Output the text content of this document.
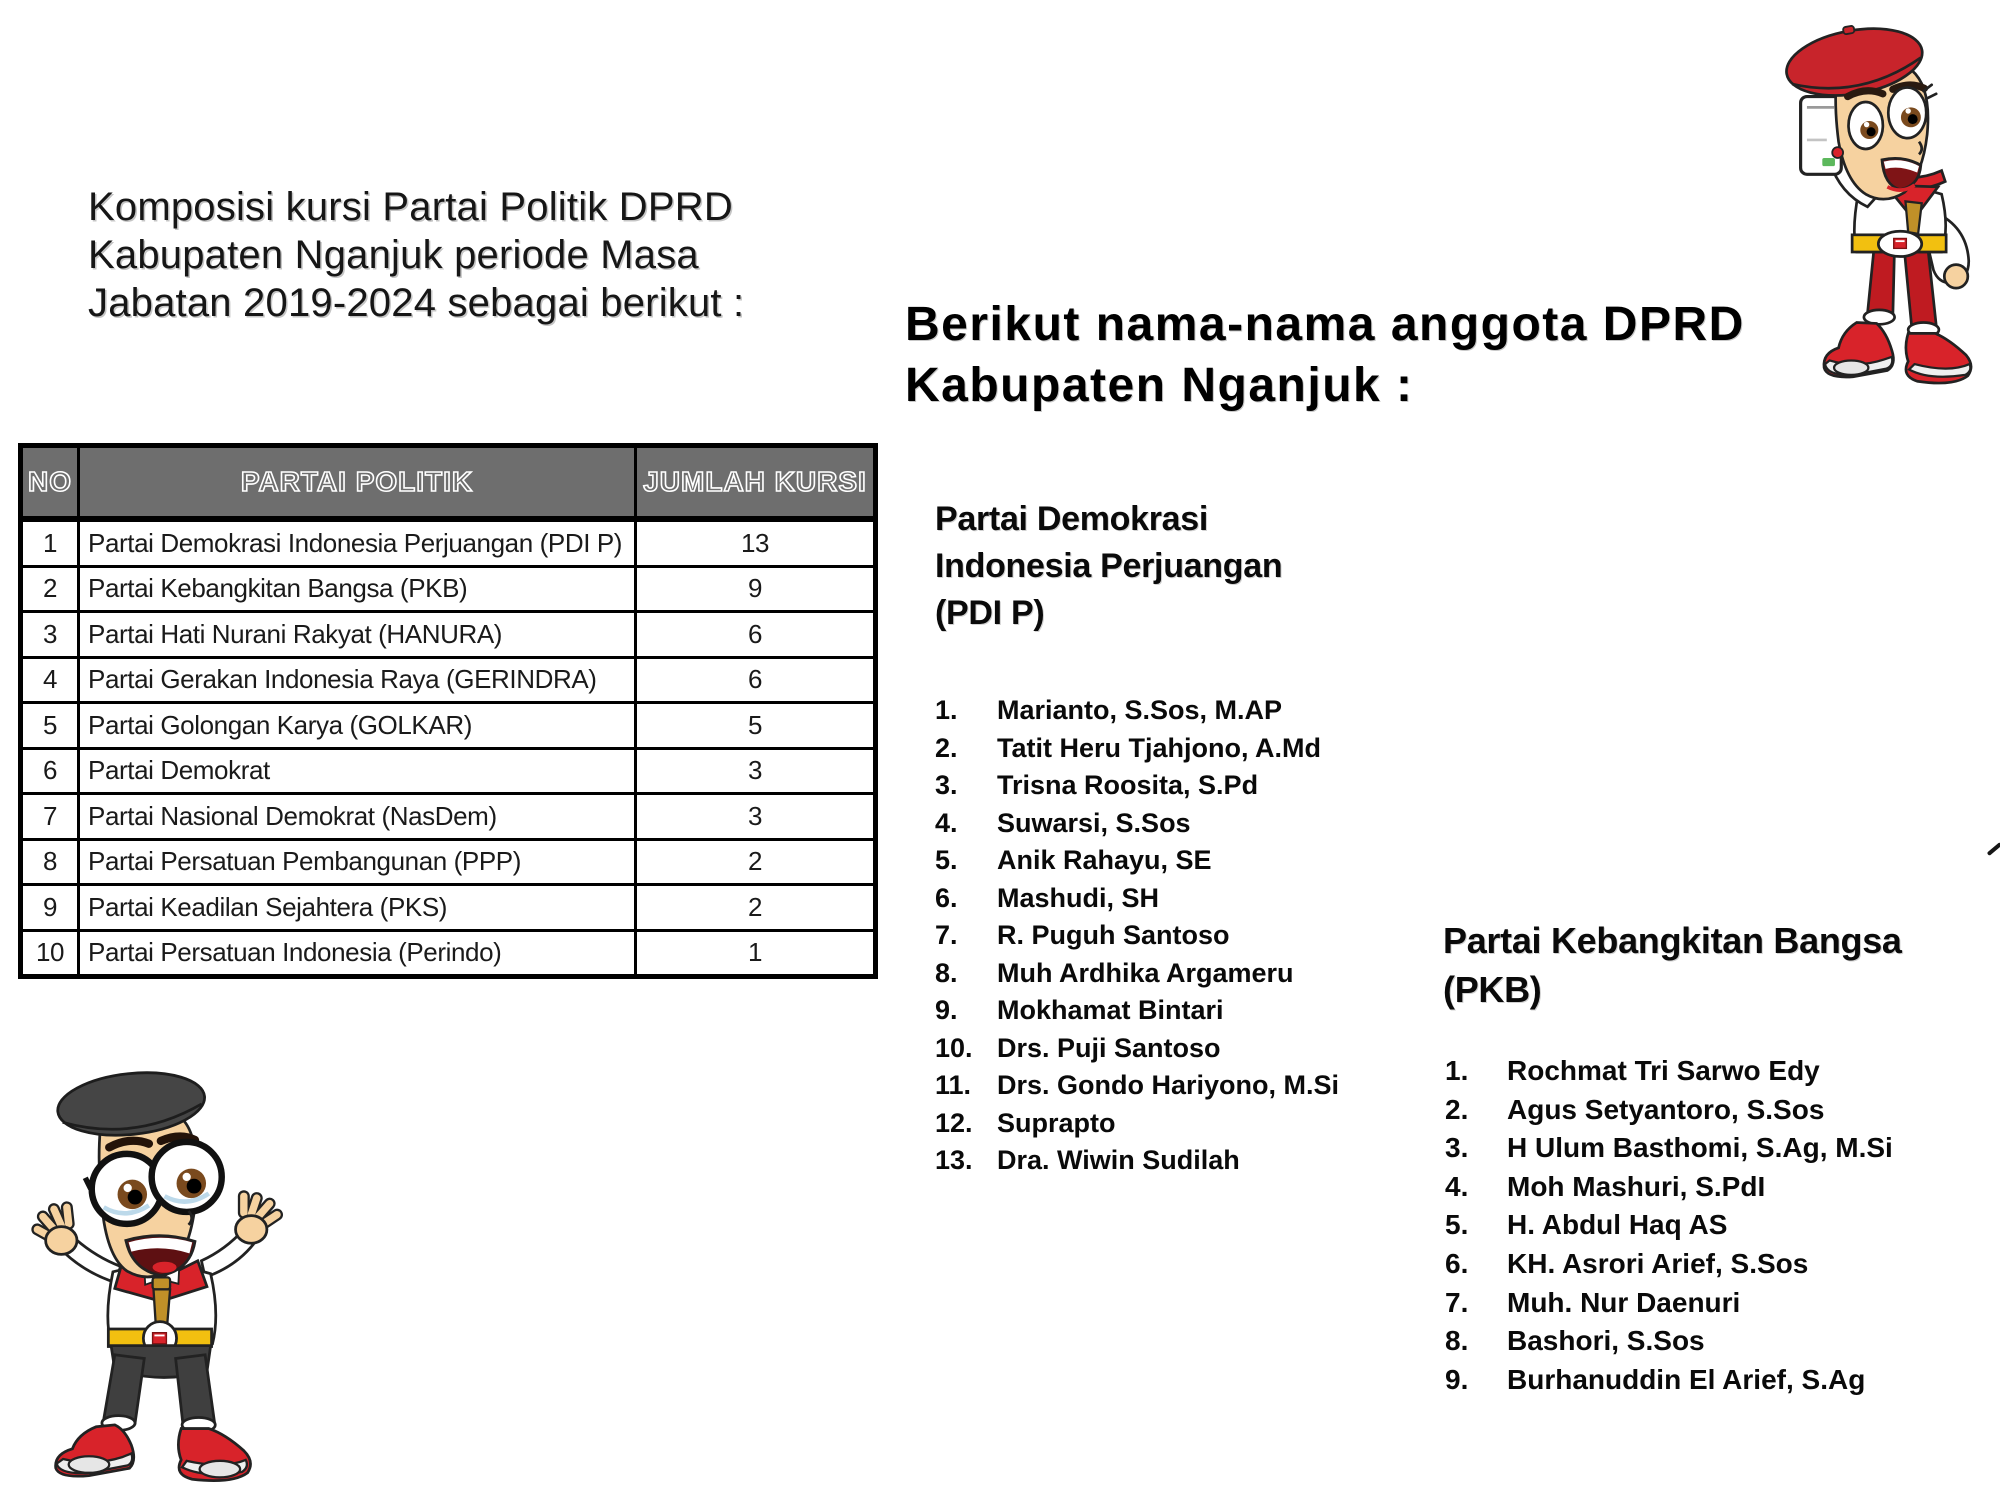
Komposisi kursi Partai Politik DPRD
Kabupaten Nganjuk periode Masa
Jabatan 2019-2024 sebagai berikut :
NO	PARTAI POLITIK	JUMLAH KURSI
1	Partai Demokrasi Indonesia Perjuangan (PDI P)	13
2	Partai Kebangkitan Bangsa (PKB)	9
3	Partai Hati Nurani Rakyat (HANURA)	6
4	Partai Gerakan Indonesia Raya (GERINDRA)	6
5	Partai Golongan Karya (GOLKAR)	5
6	Partai Demokrat	3
7	Partai Nasional Demokrat (NasDem)	3
8	Partai Persatuan Pembangunan (PPP)	2
9	Partai Keadilan Sejahtera (PKS)	2
10	Partai Persatuan Indonesia (Perindo)	1
Berikut nama-nama anggota DPRD
Kabupaten Nganjuk :
Partai Demokrasi
Indonesia Perjuangan
(PDI P)
1.	Marianto, S.Sos, M.AP
2.	Tatit Heru Tjahjono, A.Md
3.	Trisna Roosita, S.Pd
4.	Suwarsi, S.Sos
5.	Anik Rahayu, SE
6.	Mashudi, SH
7.	R. Puguh Santoso
8.	Muh Ardhika Argameru
9.	Mokhamat Bintari
10. Drs. Puji Santoso
11. Drs. Gondo Hariyono, M.Si
12. Suprapto
13. Dra. Wiwin Sudilah
Partai Kebangkitan Bangsa
(PKB)
1.	Rochmat Tri Sarwo Edy
2.	Agus Setyantoro, S.Sos
3.	H Ulum Basthomi, S.Ag, M.Si
4.	Moh Mashuri, S.PdI
5.	H. Abdul Haq AS
6.	KH. Asrori Arief, S.Sos
7.	Muh. Nur Daenuri
8.	Bashori, S.Sos
9.	Burhanuddin El Arief, S.Ag
